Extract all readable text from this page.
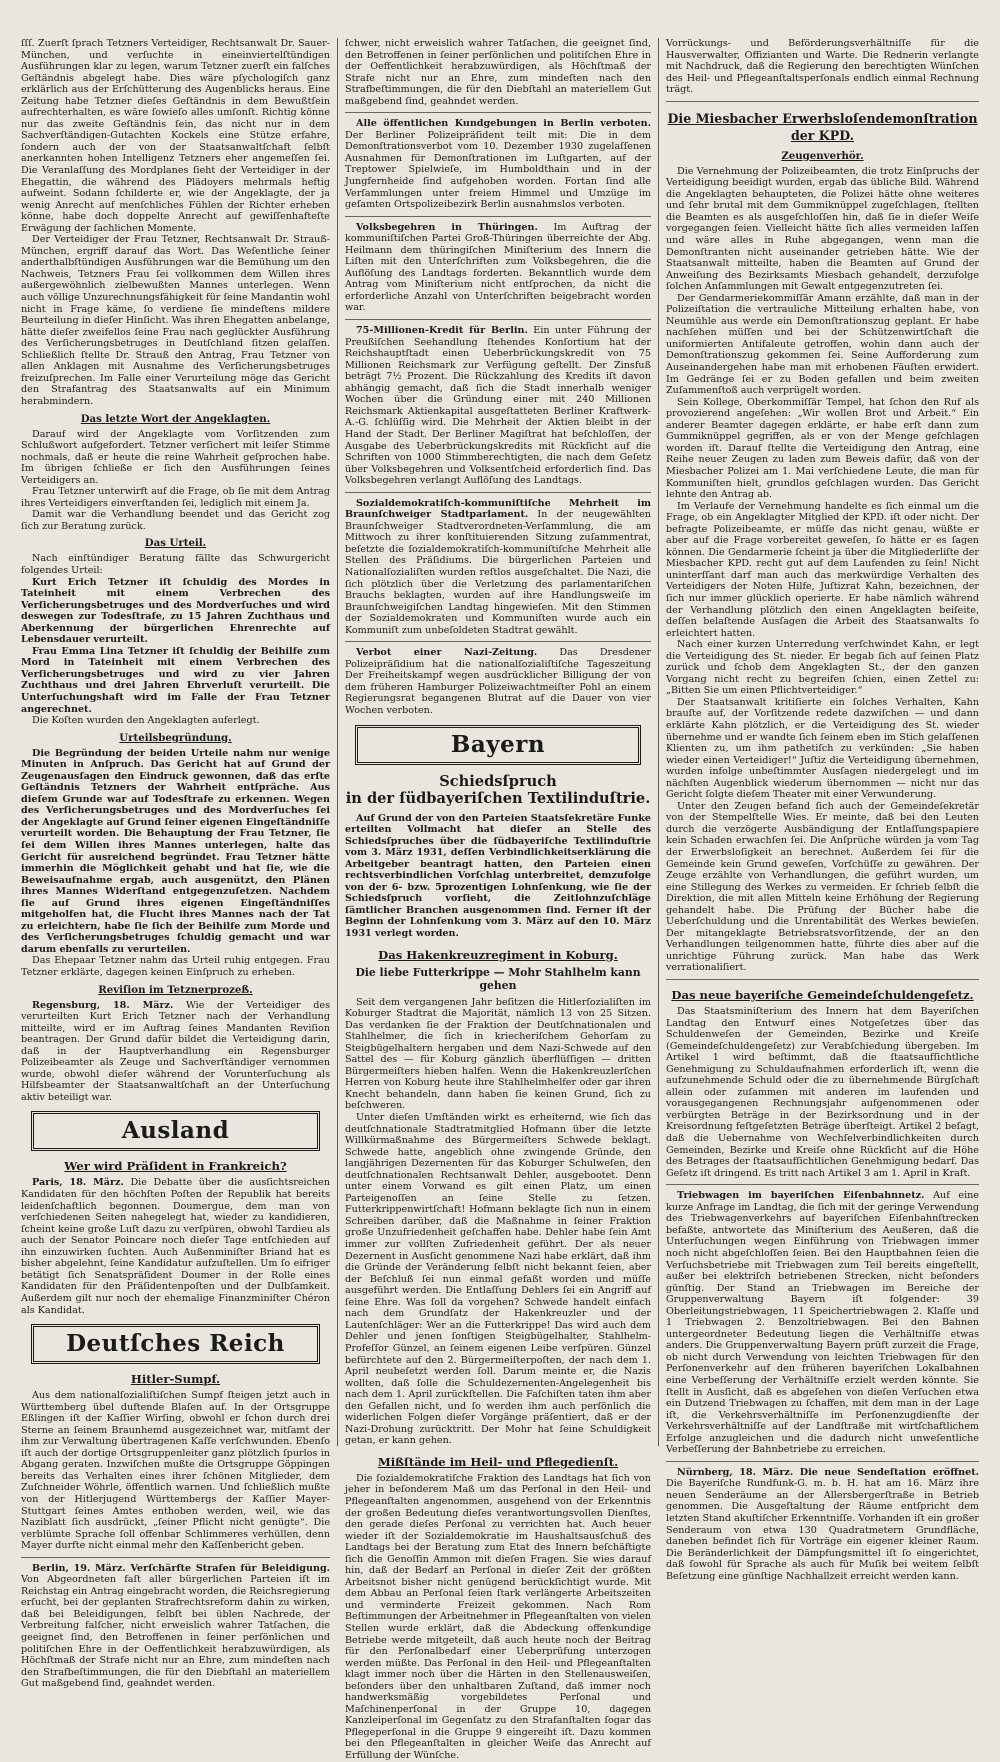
ſſſ. Zuerſt ſprach Tetzners Verteidiger, Rechtsanwalt Dr. Sauer-München, und verſuchte in eineinviertelſtündigen Ausführungen klar zu legen, warum Tetzner zuerſt ein falſches Geſtändnis abgelegt habe. Dies wäre pſychologiſch ganz erklärlich aus der Erſchütterung des Augenblicks heraus. Eine Zeitung habe Tetzner dieſes Geſtändnis in dem Bewußtſein aufrechterhalten, es wäre ſowieſo alles umſonſt. Richtig könne nur das zweite Geſtändnis ſein, das nicht nur in dem Sachverſtändigen-Gutachten Kockels eine Stütze erfahre, ſondern auch der von der Staatsanwaltſchaft ſelbſt anerkannten hohen Intelligenz Tetzners eher angemeſſen ſei. Die Veranlaſſung des Mordplanes ſieht der Verteidiger in der Ehegattin, die während des Plädoyers mehrmals heftig aufweint. Sodann ſchilderte er, wie der Angeklagte, der ja wenig Anrecht auf menſchliches Fühlen der Richter erheben könne, habe doch doppelte Anrecht auf gewiſſenhafteſte Erwägung der ſachlichen Momente.

Der Verteidiger der Frau Tetzner, Rechtsanwalt Dr. Strauß-München, ergriff darauf das Wort. Das Weſentliche ſeiner anderthalbſtündigen Ausführungen war die Bemühung um den Nachweis, Tetzners Frau ſei vollkommen dem Willen ihres außergewöhnlich zielbewußten Mannes unterlegen. Wenn auch völlige Unzurechnungsfähigkeit für ſeine Mandantin wohl nicht in Frage käme, ſo verdiene ſie mindeſtens mildere Beurteilung in dieſer Hinſicht. Was ihren Ehegatten anbelange, hätte dieſer zweifellos ſeine Frau nach geglückter Ausführung des Verſicherungsbetruges in Deutſchland ſitzen gelaſſen. Schließlich ſtellte Dr. Strauß den Antrag, Frau Tetzner von allen Anklagen mit Ausnahme des Verſicherungsbetruges freizuſprechen. Im Falle einer Verurteilung möge das Gericht den Strafantrag des Staatsanwalts auf ein Minimum herabmindern.

Das letzte Wort der Angeklagten.

Darauf wird der Angeklagte vom Vorſitzenden zum Schlußwort aufgefordert. Tetzner verſichert mit leiſer Stimme nochmals, daß er heute die reine Wahrheit geſprochen habe. Im übrigen ſchließe er ſich den Ausführungen ſeines Verteidigers an.

Frau Tetzner unterwirft auf die Frage, ob ſie mit dem Antrag ihres Verteidigers einverſtanden ſei, lediglich mit einem Ja.

Damit war die Verhandlung beendet und das Gericht zog ſich zur Beratung zurück.

Das Urteil.

Nach einſtündiger Beratung fällte das Schwurgericht folgendes Urteil:

Kurt Erich Tetzner iſt ſchuldig des Mordes in Tateinheit mit einem Verbrechen des Verſicherungsbetruges und des Mordverſuches und wird deswegen zur Todesſtrafe, zu 15 Jahren Zuchthaus und Aberkennung der bürgerlichen Ehrenrechte auf Lebensdauer verurteilt.

Frau Emma Lina Tetzner iſt ſchuldig der Beihilfe zum Mord in Tateinheit mit einem Verbrechen des Verſicherungsbetruges und wird zu vier Jahren Zuchthaus und drei Jahren Ehrverluſt verurteilt. Die Unterſuchungshaft wird im Falle der Frau Tetzner angerechnet.

Die Koſten wurden den Angeklagten auferlegt.

Urteilsbegründung.

Die Begründung der beiden Urteile nahm nur wenige Minuten in Anſpruch. Das Gericht hat auf Grund der Zeugenausſagen den Eindruck gewonnen, daß das erſte Geſtändnis Tetzners der Wahrheit entſpräche. Aus dieſem Grunde war auf Todesſtrafe zu erkennen. Wegen des Verſicherungsbetruges und des Mordverſuches ſei der Angeklagte auf Grund ſeiner eigenen Eingeſtändniſſe verurteilt worden. Die Behauptung der Frau Tetzner, ſie ſei dem Willen ihres Mannes unterlegen, halte das Gericht für ausreichend begründet. Frau Tetzner hätte immerhin die Möglichkeit gehabt und hat ſie, wie die Beweisaufnahme ergab, auch ausgenützt, den Plänen ihres Mannes Widerſtand entgegenzuſetzen. Nachdem ſie auf Grund ihres eigenen Eingeſtändniſſes mitgeholfen hat, die Flucht ihres Mannes nach der Tat zu erleichtern, habe ſie ſich der Beihilfe zum Morde und des Verſicherungsbetruges ſchuldig gemacht und war darum ebenſalls zu verurteilen.

Das Ehepaar Tetzner nahm das Urteil ruhig entgegen. Frau Tetzner erklärte, dagegen keinen Einſpruch zu erheben.

Reviſion im Tetznerprozeß.

Regensburg, 18. März. Wie der Verteidiger des verurteilten Kurt Erich Tetzner nach der Verhandlung mitteilte, wird er im Auftrag ſeines Mandanten Reviſion beantragen. Der Grund dafür bildet die Verteidigung darin, daß in der Hauptverhandlung ein Regensburger Polizeibeamter als Zeuge und Sachverſtändiger vernommen wurde, obwohl dieſer während der Vorunterſuchung als Hilfsbeamter der Staatsanwaltſchaft an der Unterſuchung aktiv beteiligt war.

Ausland
Wer wird Präſident in Frankreich?

Paris, 18. März. Die Debatte über die ausſichtsreichen Kandidaten für den höchſten Poſten der Republik hat bereits leidenſchaftlich begonnen. Doumergue, dem man von verſchiedenen Seiten nahegelegt hat, wieder zu kandidieren, ſcheint keine große Luſt dazu zu verſpüren, obwohl Tardieu als auch der Senator Poincare noch dieſer Tage entſchieden auf ihn einzuwirken ſuchten. Auch Außenminiſter Briand hat es bisher abgelehnt, ſeine Kandidatur aufzuſtellen. Um ſo eifriger betätigt ſich Senatspräſident Doumer in der Rolle eines Kandidaten für den Präſidentenpoſten und der Dulbſamkeit. Außerdem gilt nur noch der ehemalige Finanzminiſter Chéron als Kandidat.

Deutſches Reich
Hitler-Sumpf.

Aus dem nationalſozialiſtiſchen Sumpf ſteigen jetzt auch in Württemberg übel duftende Blaſen auf. In der Ortsgruppe Eßlingen iſt der Kaſſier Wirſing, obwohl er ſchon durch drei Sterne an ſeinem Braunhemd ausgezeichnet war, mitſamt der ihm zur Verwaltung übertragenen Kaſſe verſchwunden. Ebenſo iſt auch der dortige Ortsgruppenleiter ganz plötzlich ſpurlos in Abgang geraten. Inzwiſchen mußte die Ortsgruppe Göppingen bereits das Verhalten eines ihrer ſchönen Mitglieder, dem Zuſchneider Wöhrle, öffentlich warnen. Und ſchließlich mußte von der Hitlerjugend Württembergs der Kaſſier Mayer-Stuttgart ſeines Amtes enthoben werden, weil, wie das Naziblatt ſich ausdrückt, „ſeiner Pflicht nicht genügte“. Die verblümte Sprache ſoll offenbar Schlimmeres verhüllen, denn Mayer durfte nicht einmal mehr den Kaſſenbericht geben.

Berlin, 19. März. Verſchärfte Strafen für Beleidigung. Von Abgeordneten faſt aller bürgerlichen Parteien iſt im Reichstag ein Antrag eingebracht worden, die Reichsregierung erſucht, bei der geplanten Strafrechtsreform dahin zu wirken, daß bei Beleidigungen, ſelbſt bei üblen Nachrede, der Verbreitung falſcher, nicht erweislich wahrer Tatſachen, die geeignet ſind, den Betroffenen in ſeiner perſönlichen und politiſchen Ehre in der Oeffentlichkeit herabzuwürdigen, als Höchſtmaß der Strafe nicht nur an Ehre, zum mindeſten nach den Strafbeſtimmungen, die für den Diebſtahl an materiellem Gut maßgebend ſind, geahndet werden.

ſchwer, nicht erweislich wahrer Tatſachen, die geeignet ſind, den Betroffenen in ſeiner perſönlichen und politiſchen Ehre in der Oeffentlichkeit herabzuwürdigen, als Höchſtmaß der Strafe nicht nur an Ehre, zum mindeſten nach den Strafbeſtimmungen, die für den Diebſtahl an materiellem Gut maßgebend ſind, geahndet werden.

Alle öffentlichen Kundgebungen in Berlin verboten. Der Berliner Polizeipräſident teilt mit: Die in dem Demonſtrationsverbot vom 10. Dezember 1930 zugelaſſenen Ausnahmen für Demonſtrationen im Luſtgarten, auf der Treptower Spielwieſe, im Humboldthain und in der Jungfernheide ſind aufgehoben worden. Fortan ſind alle Verſammlungen unter freiem Himmel und Umzüge im geſamten Ortspolizeibezirk Berlin ausnahmslos verboten.

Volksbegehren in Thüringen. Im Auftrag der kommuniſtiſchen Partei Groß-Thüringen überreichte der Abg. Heilmann dem thüringiſchen Miniſterium des Innern die Liſten mit den Unterſchriften zum Volksbegehren, die die Auflöſung des Landtags forderten. Bekanntlich wurde dem Antrag vom Miniſterium nicht entſprochen, da nicht die erforderliche Anzahl von Unterſchriften beigebracht worden war.

75-Millionen-Kredit für Berlin. Ein unter Führung der Preußiſchen Seehandlung ſtehendes Konſortium hat der Reichshauptſtadt einen Ueberbrückungskredit von 75 Millionen Reichsmark zur Verfügung geſtellt. Der Zinsfuß beträgt 7½ Prozent. Die Rückzahlung des Kredits iſt davon abhängig gemacht, daß ſich die Stadt innerhalb weniger Wochen über die Gründung einer mit 240 Millionen Reichsmark Aktienkapital ausgeſtatteten Berliner Kraftwerk-A.-G. ſchlüſſig wird. Die Mehrheit der Aktien bleibt in der Hand der Stadt. Der Berliner Magiſtrat hat beſchloſſen, der Ausgabe des Ueberbrückungskredits mit Rückſicht auf die Schriften von 1000 Stimmberechtigten, die nach dem Geſetz über Volksbegehren und Volksentſcheid erforderlich ſind. Das Volksbegehren verlangt Auflöſung des Landtags.

Sozialdemokratiſch-kommuniſtiſche Mehrheit im Braunſchweiger Stadtparlament. In der neugewählten Braunſchweiger Stadtverordneten-Verſammlung, die am Mittwoch zu ihrer konſtituierenden Sitzung zuſammentrat, beſetzte die ſozialdemokratiſch-kommuniſtiſche Mehrheit alle Stellen des Präſidiums. Die bürgerlichen Parteien und Nationalſozialiſten wurden reſtlos ausgeſchaltet. Die Nazi, die ſich plötzlich über die Verletzung des parlamentariſchen Brauchs beklagten, wurden auf ihre Handlungsweiſe im Braunſchweigiſchen Landtag hingewieſen. Mit den Stimmen der Sozialdemokraten und Kommuniſten wurde auch ein Kommuniſt zum unbeſoldeten Stadtrat gewählt.

Verbot einer Nazi-Zeitung. Das Dresdener Polizeipräſidium hat die nationalſozialiſtiſche Tageszeitung Der Freiheitskampf wegen ausdrücklicher Billigung der von dem früheren Hamburger Polizeiwachtmeiſter Pohl an einem Regierungsrat begangenen Blutrat auf die Dauer von vier Wochen verboten.

Bayern
Schiedsſpruch
in der ſüdbayeriſchen Textilinduſtrie.

Auf Grund der von den Parteien Staatsſekretäre Funke erteilten Vollmacht hat dieſer an Stelle des Schiedsſpruches über die ſüdbayeriſche Textilinduſtrie vom 3. März 1931, deſſen Verbindlichkeitserklärung die Arbeitgeber beantragt hatten, den Parteien einen rechtsverbindlichen Vorſchlag unterbreitet, demzufolge von der 6- bzw. 5prozentigen Lohnſenkung, wie ſie der Schiedsſpruch vorſieht, die Zeitlohnzuſchläge ſämtlicher Branchen ausgenommen ſind. Ferner iſt der Beginn der Lohnſenkung vom 3. März auf den 10. März 1931 verlegt worden.

Das Hakenkreuzregiment in Koburg.
Die liebe Futterkrippe — Mohr Stahlhelm kann gehen

Seit dem vergangenen Jahr beſitzen die Hitlerſozialiſten im Koburger Stadtrat die Majorität, nämlich 13 von 25 Sitzen. Das verdanken ſie der Fraktion der Deutſchnationalen und Stahlhelmer, die ſich in kriecheriſchem Gehorſam zu Steigbügelhaltern hergaben und dem Nazi-Schwede auf den Sattel des — für Koburg gänzlich überflüſſigen — dritten Bürgermeiſters hieben halfen. Wenn die Hakenkreuzlerſchen Herren von Koburg heute ihre Stahlhelmhelfer oder gar ihren Knecht behandeln, dann haben ſie keinen Grund, ſich zu beſchweren.

Unter dieſen Umſtänden wirkt es erheiternd, wie ſich das deutſchnationale Stadtratmitglied Hofmann über die letzte Willkürmaßnahme des Bürgermeiſters Schwede beklagt. Schwede hatte, angeblich ohne zwingende Gründe, den langjährigen Dezernenten für das Koburger Schulweſen, den deutſchnationalen Rechtsanwalt Dehler, ausgebootet. Denn unter einem Vorwand es gilt einen Platz, um einen Parteigenoſſen an ſeine Stelle zu ſetzen. Futterkrippenwirtſchaft! Hofmann beklagte ſich nun in einem Schreiben darüber, daß die Maßnahme in ſeiner Fraktion große Unzufriedenheit geſchaffen habe. Dehler habe ſein Amt immer zur vollſten Zufriedenheit geführt. Der als neuer Dezernent in Ausſicht genommene Nazi habe erklärt, daß ihm die Gründe der Veränderung ſelbſt nicht bekannt ſeien, aber der Beſchluß ſei nun einmal gefaßt worden und müſſe ausgeführt werden. Die Entlaſſung Dehlers ſei ein Angriff auf ſeine Ehre. Was ſoll da vorgehen? Schwede handelt einfach nach dem Grundſatz der Hakenkreuzler und der Lautenſchläger: Wer an die Futterkrippe! Das wird auch dem Dehler und jenen ſonſtigen Steigbügelhalter, Stahlhelm-Profeſſor Günzel, an ſeinem eigenen Leibe verſpüren. Günzel befürchtete auf den 2. Bürgermeiſterpoſten, der nach dem 1. April neubeſetzt werden ſoll. Darum meinte er, die Nazis wollten, daß ſolle die Schuldezernenten-Angelegenheit bis nach dem 1. April zurückſtellen. Die Faſchiſten taten ihm aber den Gefallen nicht, und ſo werden ihm auch perſönlich die widerlichen Folgen dieſer Vorgänge präſentiert, daß er der Nazi-Drohung zurücktritt. Der Mohr hat ſeine Schuldigkeit getan, er kann gehen.

Mißſtände im Heil- und Pflegedienſt.

Die ſozialdemokratiſche Fraktion des Landtags hat ſich von jeher in beſonderem Maß um das Perſonal in den Heil- und Pflegeanſtalten angenommen, ausgehend von der Erkenntnis der großen Bedeutung dieſes verantwortungsvollen Dienſtes, den gerade dieſes Perſonal zu verrichten hat. Auch heuer wieder iſt der Sozialdemokratie im Haushaltsausſchuß des Landtags bei der Beratung zum Etat des Innern beſchäftigte ſich die Genoſſin Ammon mit dieſen Fragen. Sie wies darauf hin, daß der Bedarf an Perſonal in dieſer Zeit der größten Arbeitsnot bisher nicht genügend berückſichtigt wurde. Mit dem Abbau an Perſonal ſeien ſtark verlängerte Arbeitszeiten und verminderte Freizeit gekommen. Nach Rom Beſtimmungen der Arbeitnehmer in Pflegeanſtalten von vielen Stellen wurde erklärt, daß die Abdeckung offenkundige Betriebe werde mitgeteilt, daß auch heute noch der Beitrag für den Perſonalbedarf einer Ueberprüfung unterzogen werden müßte. Das Perſonal in den Heil- und Pflegeanſtalten klagt immer noch über die Härten in den Stellenausweiſen, beſonders über den unhaltbaren Zuſtand, daß immer noch handwerksmäßig vorgebildetes Perſonal und Maſchinenperſonal in der Gruppe 10, dagegen Kanzleiperſonal im Gegenſatz zu den Strafanſtalten ſogar das Pflegeperſonal in die Gruppe 9 eingereiht iſt. Dazu kommen bei den Pflegeanſtalten in gleicher Weiſe das Anrecht auf Erfüllung der Wünſche.

Vorrückungs- und Beförderungsverhältniſſe für die Hausverwalter, Offizianten und Warte. Die Rednerin verlangte mit Nachdruck, daß die Regierung den berechtigten Wünſchen des Heil- und Pflegeanſtaltsperſonals endlich einmal Rechnung trägt.

Die Miesbacher Erwerbsloſendemonſtration der KPD.
Zeugenverhör.

Die Vernehmung der Polizeibeamten, die trotz Einſpruchs der Verteidigung beeidigt wurden, ergab das übliche Bild. Während die Angeklagten behaupteten, die Polizei hätte ohne weiteres und ſehr brutal mit dem Gummiknüppel zugeſchlagen, ſtellten die Beamten es als ausgeſchloſſen hin, daß ſie in dieſer Weiſe vorgegangen ſeien. Vielleicht hätte ſich alles vermeiden laſſen und wäre alles in Ruhe abgegangen, wenn man die Demonſtranten nicht auseinander getrieben hätte. Wie der Staatsanwalt mitteilte, haben die Beamten auf Grund der Anweiſung des Bezirksamts Miesbach gehandelt, derzufolge ſolchen Anſammlungen mit Gewalt entgegenzutreten ſei.

Der Gendarmeriekommiſſär Amann erzählte, daß man in der Polizeiſtation die vertrauliche Mitteilung erhalten habe, von Neumühle aus werde ein Demonſtrationszug geplant. Er habe nachſehen müſſen und bei der Schützenwirtſchaft die uniformierten Antifaleute getroffen, wohin dann auch der Demonſtrationszug gekommen ſei. Seine Aufforderung zum Auseinandergehen habe man mit erhobenen Fäuſten erwidert. Im Gedränge ſei er zu Boden gefallen und beim zweiten Zuſammenſtoß auch verprügelt worden.

Sein Kollege, Oberkommiſſär Tempel, hat ſchon den Ruf als provozierend angeſehen: „Wir wollen Brot und Arbeit.“ Ein anderer Beamter dagegen erklärte, er habe erſt dann zum Gummiknüppel gegriffen, als er von der Menge geſchlagen worden iſt. Darauf ſtellte die Verteidigung den Antrag, eine Reihe neuer Zeugen zu laden zum Beweis dafür, daß von der Miesbacher Polizei am 1. Mai verſchiedene Leute, die man für Kommuniſten hielt, grundlos geſchlagen wurden. Das Gericht lehnte den Antrag ab.

Im Verlaufe der Vernehmung handelte es ſich einmal um die Frage, ob ein Angeklagter Mitglied der KPD. iſt oder nicht. Der befragte Polizeibeamte, er müſſe das nicht genau, wüßte er aber auf die Frage vorbereitet geweſen, ſo hätte er es ſagen können. Die Gendarmerie ſcheint ja über die Mitgliederliſte der Miesbacher KPD. recht gut auf dem Laufenden zu ſein! Nicht uninterſſant darf man auch das merkwürdige Verhalten des Verteidigers der Noten Hilfe, Juſtizrat Kahn, bezeichnen, der ſich nur immer glücklich operierte. Er habe nämlich während der Verhandlung plötzlich den einen Angeklagten beiſeite, deſſen belaſtende Ausſagen die Arbeit des Staatsanwalts ſo erleichtert hatten.

Nach einer kurzen Unterredung verſchwindet Kahn, er legt die Verteidigung des St. nieder. Er begab ſich auf ſeinen Platz zurück und ſchob dem Angeklagten St., der den ganzen Vorgang nicht recht zu begreifen ſchien, einen Zettel zu: „Bitten Sie um einen Pflichtverteidiger.“

Der Staatsanwalt kritiſierte ein ſolches Verhalten, Kahn brauſte auf, der Vorſitzende redete dazwiſchen — und dann erklärte Kahn plötzlich, er die Verteidigung des St. wieder übernehme und er wandte ſich ſeinem eben im Stich gelaſſenen Klienten zu, um ihm pathetiſch zu verkünden: „Sie haben wieder einen Verteidiger!“ Juſtiz die Verteidigung übernehmen, wurden infolge unbeſtimmter Ausſagen niedergelegt und im nächſten Augenblick wiederum übernommen — nicht nur das Gericht ſolgte dieſem Theater mit einer Verwunderung.

Unter den Zeugen befand ſich auch der Gemeindeſekretär von der Stempelſtelle Wies. Er meinte, daß bei den Leuten durch die verzögerte Ausbändigung der Entlaſſungspapiere kein Schaden erwachſen ſei. Die Anſprüche würden ja vom Tag der Erwerbsloſigkeit an berechnet. Außerdem ſei für die Gemeinde kein Grund geweſen, Vorſchüſſe zu gewähren. Der Zeuge erzählte von Verhandlungen, die geführt wurden, um eine Stillegung des Werkes zu vermeiden. Er ſchrieb ſelbſt die Direktion, die mit allen Mitteln keine Erhöhung der Regierung gehandelt habe. Die Prüfung der Bücher habe die Ueberſchuldung und die Unrentabilität des Werkes bewieſen. Der mitangeklagte Betriebsratsvorſitzende, der an den Verhandlungen teilgenommen hatte, führte dies aber auf die unrichtige Führung zurück. Man habe das Werk verrationaliſiert.

Das neue bayeriſche Gemeindeſchuldengeſetz.

Das Staatsminiſterium des Innern hat dem Bayeriſchen Landtag den Entwurf eines Notgeſetzes über das Schuldenweſen der Gemeinden, Bezirke und Kreiſe (Gemeindeſchuldengeſetz) zur Verabſchiedung übergeben. Im Artikel 1 wird beſtimmt, daß die ſtaatsaufſichtliche Genehmigung zu Schuldaufnahmen erforderlich iſt, wenn die aufzunehmende Schuld oder die zu übernehmende Bürgſchaft allein oder zuſammen mit anderen im laufenden und vorausgegangenen Rechnungsjahr aufgenommenen oder verbürgten Beträge in der Bezirksordnung und in der Kreisordnung feſtgeſetzten Beträge überſteigt. Artikel 2 beſagt, daß die Uebernahme von Wechſelverbindlichkeiten durch Gemeinden, Bezirke und Kreiſe ohne Rückſicht auf die Höhe des Betrages der ſtaatsaufſichtlichen Genehmigung bedarf. Das Geſetz iſt dringend. Es tritt nach Artikel 3 am 1. April in Kraft.

Triebwagen im bayeriſchen Eiſenbahnnetz. Auf eine kurze Anfrage im Landtag, die ſich mit der geringe Verwendung des Triebwagenverkehrs auf bayeriſchen Eiſenbahnſtrecken befaßte, antwortete das Miniſterium des Aeußeren, daß die Unterſuchungen wegen Einführung von Triebwagen immer noch nicht abgeſchloſſen ſeien. Bei den Hauptbahnen ſeien die Verſuchsbetriebe mit Triebwagen zum Teil bereits eingeſtellt, außer bei elektriſch betriebenen Strecken, nicht beſonders günſtig. Der Stand an Triebwagen im Bereiche der Gruppenverwaltung Bayern iſt folgender: 39 Oberleitungstriebwagen, 11 Speichertriebwagen 2. Klaſſe und 1 Triebwagen 2. Benzoltriebwagen. Bei den Bahnen untergeordneter Bedeutung liegen die Verhältniſſe etwas anders. Die Gruppenverwaltung Bayern prüft zurzeit die Frage, ob nicht durch Verwendung von leichten Triebwagen für den Perſonenverkehr auf den früheren bayeriſchen Lokalbahnen eine Verbeſſerung der Verhältniſſe erzielt werden könnte. Sie ſtellt in Ausſicht, daß es abgeſehen von dieſen Verſuchen etwa ein Dutzend Triebwagen zu ſchaffen, mit dem man in der Lage iſt, die Verkehrsverhältniſſe im Perſonenzugdienſte der Verkehrsverhältniſſe auf der Landſtraße mit wirtſchaftlichem Erfolge anzugleichen und die dadurch nicht unweſentliche Verbeſſerung der Bahnbetriebe zu erreichen.

Nürnberg, 18. März. Die neue Sendeſtation eröffnet. Die Bayeriſche Rundfunk-G. m. b. H. hat am 16. März ihre neuen Senderäume an der Allersbergerſtraße in Betrieb genommen. Die Ausgeſtaltung der Räume entſpricht dem letzten Stand akuſtiſcher Erkenntniſſe. Vorhanden iſt ein großer Senderaum von etwa 130 Quadratmetern Grundfläche, daneben befindet ſich für Vorträge ein eigener kleiner Raum. Die Beränderlichkeit der Dämpfungsmittel iſt ſo eingerichtet, daß ſowohl für Sprache als auch für Muſik bei weitem ſelbſt Beſetzung eine günſtige Nachhallzeit erreicht werden kann.
